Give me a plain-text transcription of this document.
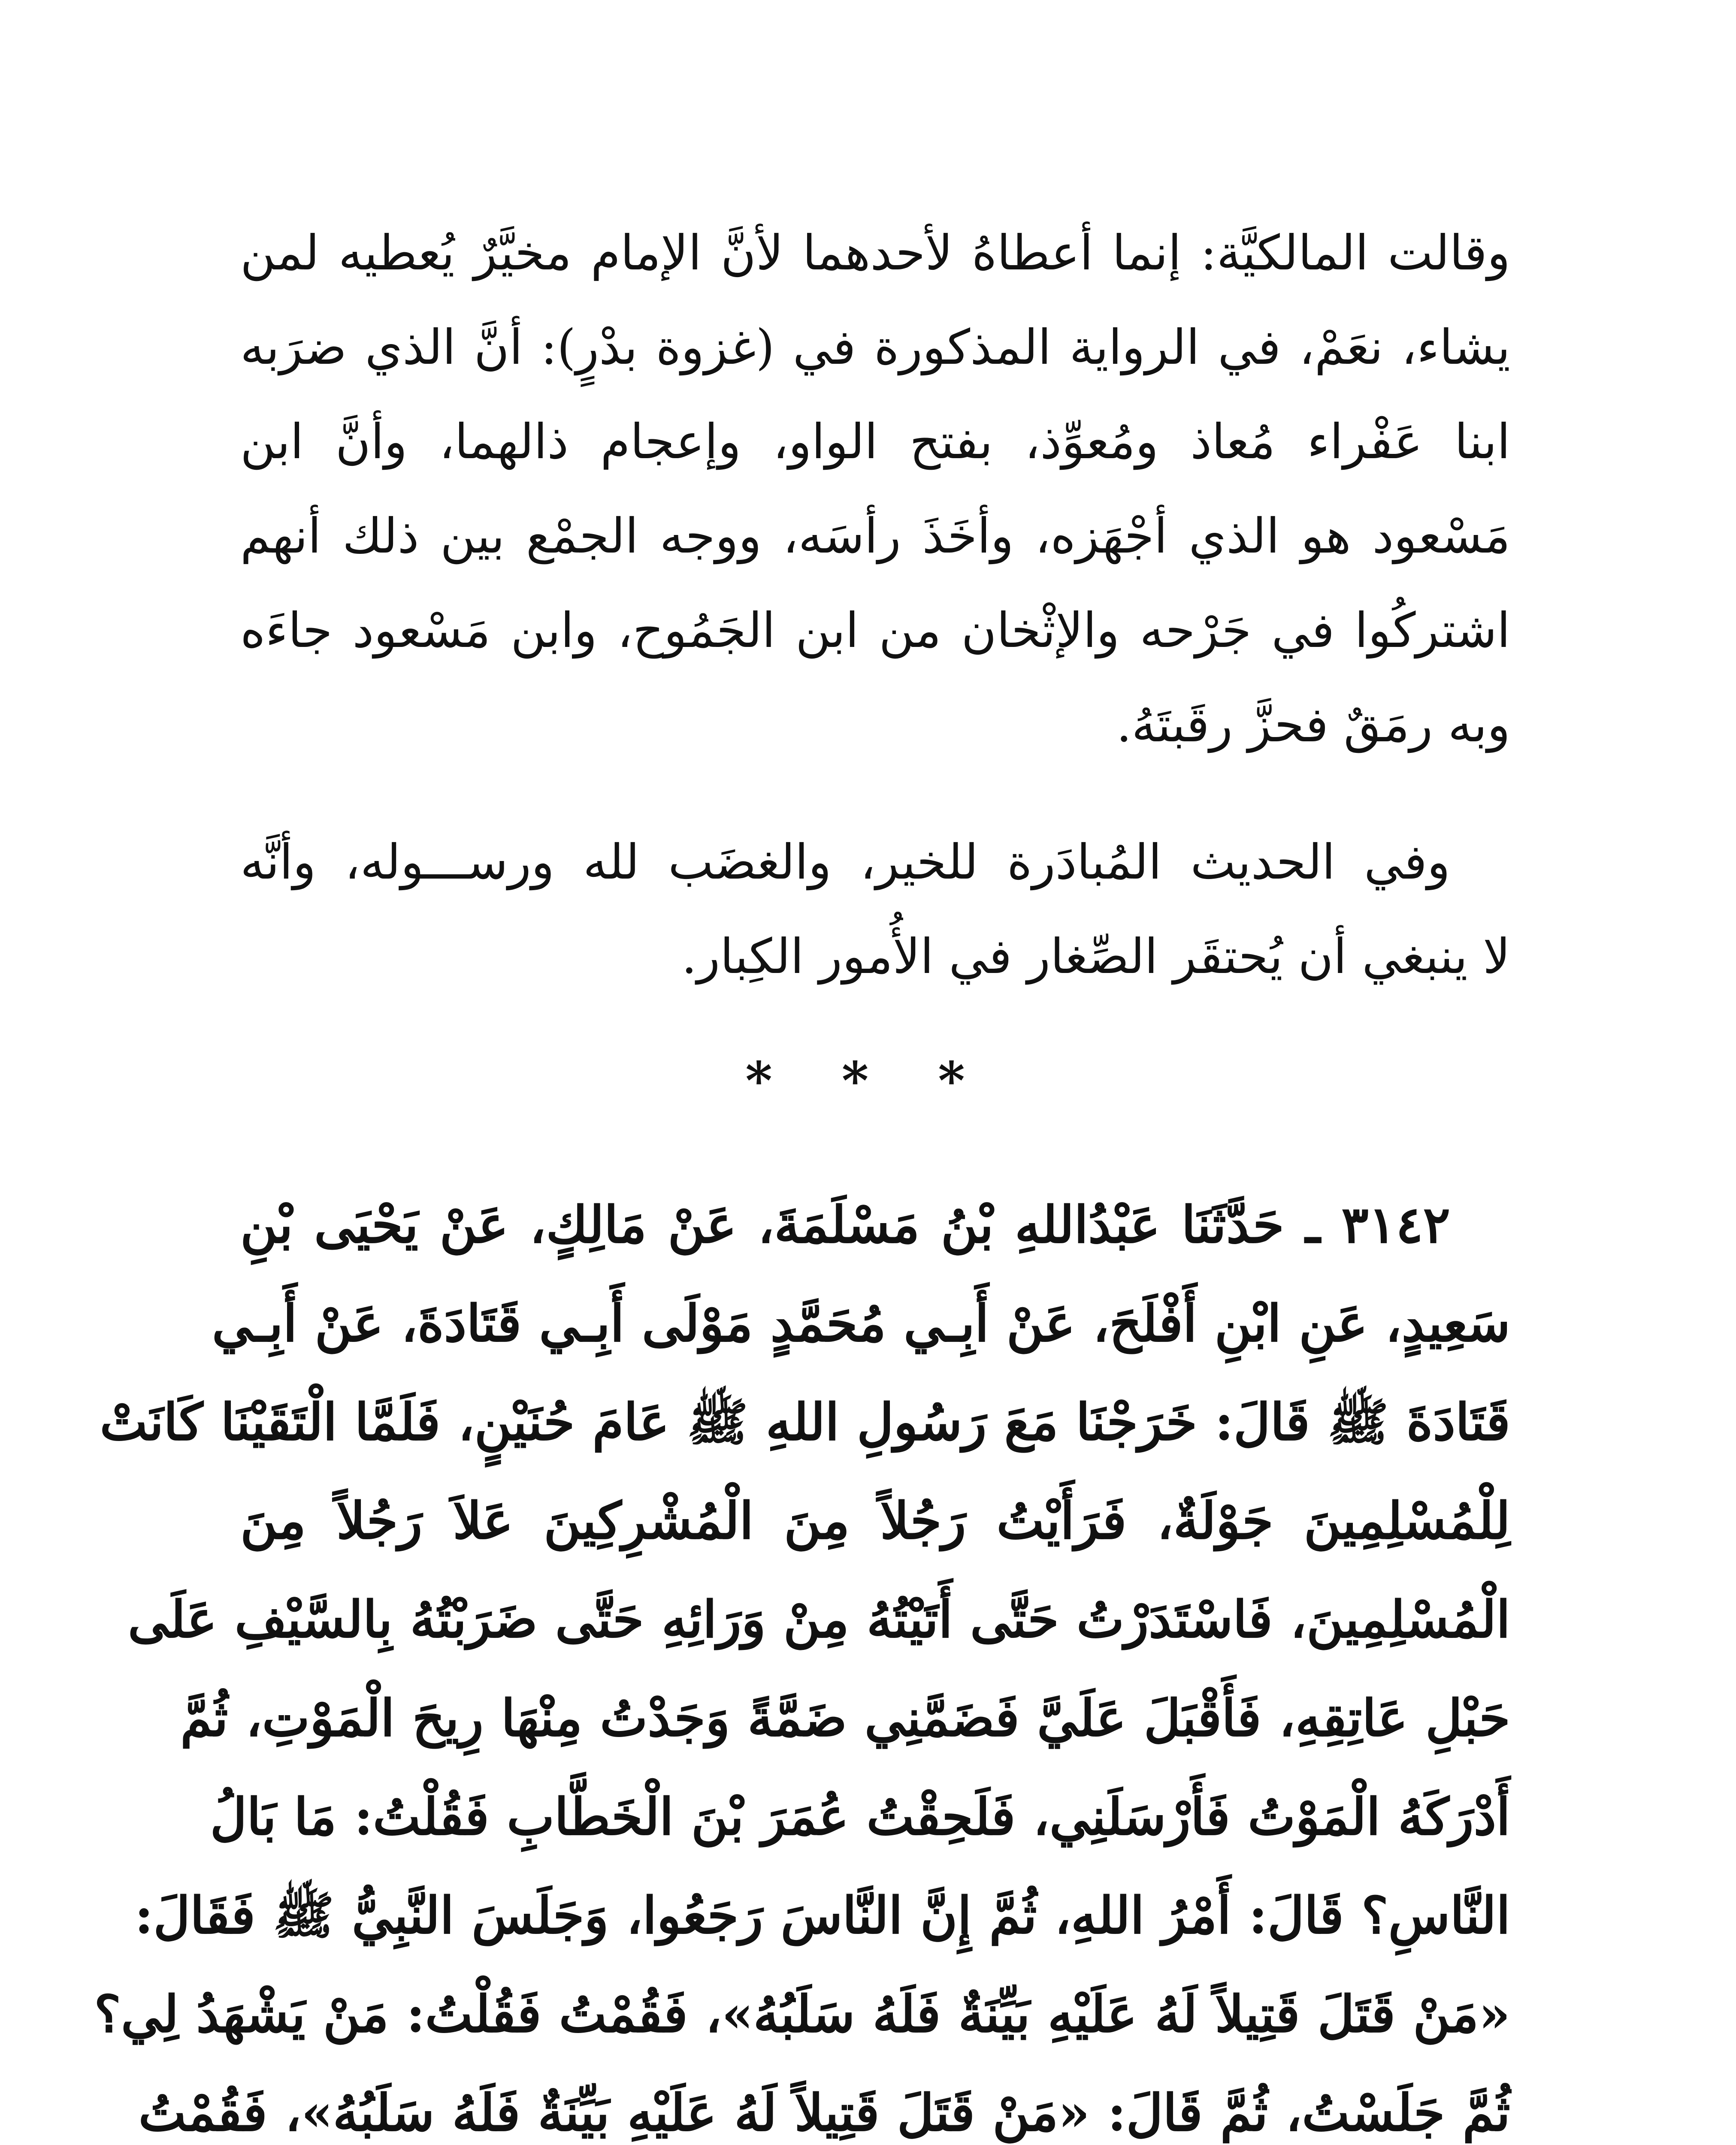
وقالت المالكيَّة: إنما أعطاهُ لأحدهما لأنَّ الإمام مخيَّرٌ يُعطيه لمن
يشاء، نعَمْ، في الرواية المذكورة في (غزوة بدْرٍ): أنَّ الذي ضرَبه
ابنا عَفْراء مُعاذ ومُعوِّذ، بفتح الواو، وإعجام ذالهما، وأنَّ ابن
مَسْعود هو الذي أجْهَزه، وأخَذَ رأسَه، ووجه الجمْع بين ذلك أنهم
اشتركُوا في جَرْحه والإثْخان من ابن الجَمُوح، وابن مَسْعود جاءَه
وبه رمَقٌ فحزَّ رقَبتَهُ.
وفي الحديث المُبادَرة للخير، والغضَب لله ورســـوله، وأنَّه
لا ينبغي أن يُحتقَر الصِّغار في الأُمور الكِبار.
* * *
٣١٤٢ ـ حَدَّثَنَا عَبْدُاللهِ بْنُ مَسْلَمَةَ، عَنْ مَالِكٍ، عَنْ يَحْيَى بْنِ
سَعِيدٍ، عَنِ ابْنِ أَفْلَحَ، عَنْ أَبِـي مُحَمَّدٍ مَوْلَى أَبِـي قَتَادَةَ، عَنْ أَبِـي
قَتَادَةَ ﷺ قَالَ: خَرَجْنَا مَعَ رَسُولِ اللهِ ﷺ عَامَ حُنَيْنٍ، فَلَمَّا الْتَقَيْنَا كَانَتْ
لِلْمُسْلِمِينَ جَوْلَةٌ، فَرَأَيْتُ رَجُلاً مِنَ الْمُشْرِكِينَ عَلاَ رَجُلاً مِنَ
الْمُسْلِمِينَ، فَاسْتَدَرْتُ حَتَّى أَتَيْتُهُ مِنْ وَرَائِهِ حَتَّى ضَرَبْتُهُ بِالسَّيْفِ عَلَى
حَبْلِ عَاتِقِهِ، فَأَقْبَلَ عَلَيَّ فَضَمَّنِي ضَمَّةً وَجَدْتُ مِنْهَا رِيحَ الْمَوْتِ، ثُمَّ
أَدْرَكَهُ الْمَوْتُ فَأَرْسَلَنِي، فَلَحِقْتُ عُمَرَ بْنَ الْخَطَّابِ فَقُلْتُ: مَا بَالُ
النَّاسِ؟ قَالَ: أَمْرُ اللهِ، ثُمَّ إِنَّ النَّاسَ رَجَعُوا، وَجَلَسَ النَّبِيُّ ﷺ فَقَالَ:
«مَنْ قَتَلَ قَتِيلاً لَهُ عَلَيْهِ بَيِّنَةٌ فَلَهُ سَلَبُهُ»، فَقُمْتُ فَقُلْتُ: مَنْ يَشْهَدُ لِي؟
ثُمَّ جَلَسْتُ، ثُمَّ قَالَ: «مَنْ قَتَلَ قَتِيلاً لَهُ عَلَيْهِ بَيِّنَةٌ فَلَهُ سَلَبُهُ»، فَقُمْتُ
